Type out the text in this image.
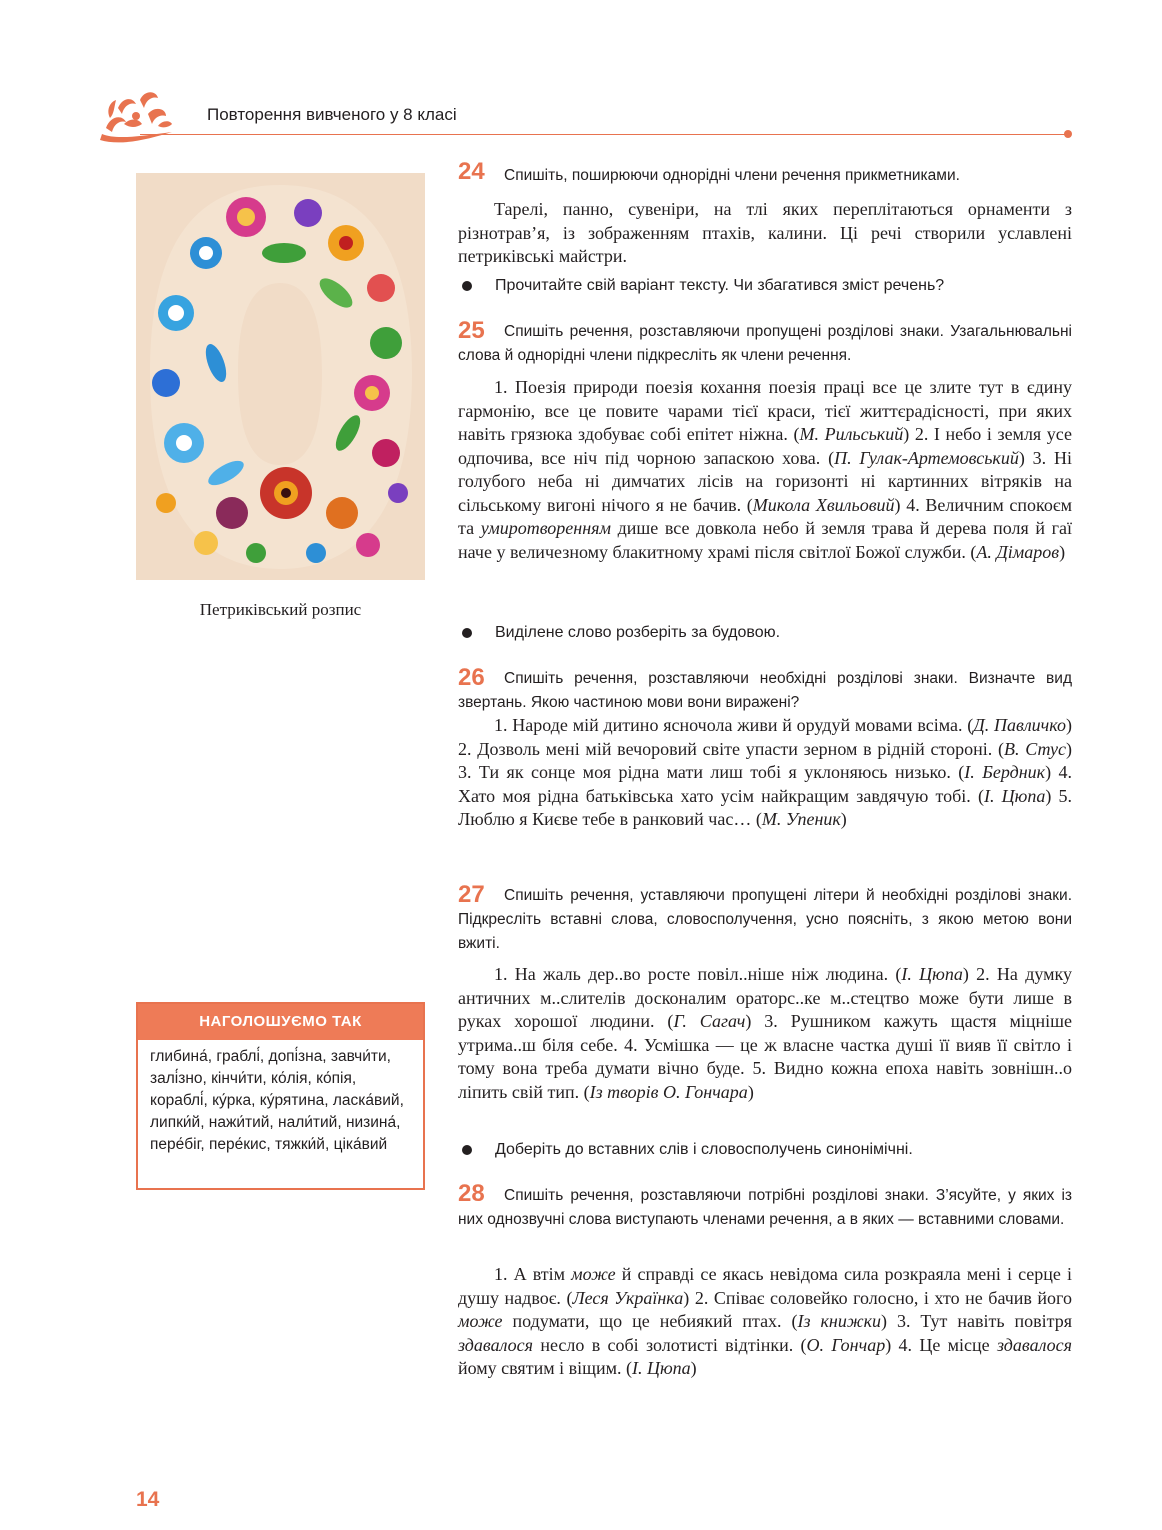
Повторення вивченого у 8 класі
Петриківський розпис
НАГОЛОШУЄМО ТАК
глибина́, граблі́, допі́зна, завчи́ти, залі́зно, кінчи́ти, ко́лія, ко́пія, кораблі́, ку́рка, ку́рятина, ласка́вий, липки́й, нажи́тий, нали́тий, низина́, пере́біг, пере́кис, тяжки́й, ціка́вий
24	Спишіть, поширюючи однорідні члени речення прикметниками.
Тарелі, панно, сувеніри, на тлі яких переплітаються орнаменти з різнотрав’я, із зображенням птахів, калини. Ці речі створили уславлені петриківські майстри.
Прочитайте свій варіант тексту. Чи збагатився зміст речень?
25	Спишіть речення, розставляючи пропущені розділові знаки. Узагальнювальні слова й однорідні члени підкресліть як члени речення.
1. Поезія природи поезія кохання поезія праці все це злите тут в єдину гармонію, все це повите чарами тієї краси, тієї життєрадісності, при яких навіть грязюка здобуває собі епітет ніжна. (М. Рильський) 2. І небо і земля усе одпочива, все ніч під чорною запаскою хова. (П. Гулак-Артемовський) 3. Ні голубого неба ні димчатих лісів на горизонті ні картинних вітряків на сільському вигоні нічого я не бачив. (Микола Хвильовий) 4. Величним спокоєм та умиротворенням дише все довкола небо й земля трава й дерева поля й гаї наче у величезному блакитному храмі після світлої Божої служби. (А. Дімаров)
Виділене слово розберіть за будовою.
26	Спишіть речення, розставляючи необхідні розділові знаки. Визначте вид звертань. Якою частиною мови вони виражені?
1. Народе мій дитино ясночола живи й орудуй мовами всіма. (Д. Павличко) 2. Дозволь мені мій вечоровий світе упасти зерном в рідній стороні. (В. Стус) 3. Ти як сонце моя рідна мати лиш тобі я уклоняюсь низько. (І. Бердник) 4. Хато моя рідна батьківська хато усім найкращим завдячую тобі. (І. Цюпа) 5. Люблю я Києве тебе в ранковий час… (М. Упеник)
27	Спишіть речення, уставляючи пропущені літери й необхідні розділові знаки. Підкресліть вставні слова, словосполучення, усно поясніть, з якою метою вони вжиті.
1. На жаль дер..во росте повіл..ніше ніж людина. (І. Цюпа) 2. На думку античних м..слителів досконалим ораторс..ке м..стецтво може бути лише в руках хорошої людини. (Г. Сагач) 3. Рушником кажуть щастя міцніше утрима..ш біля себе. 4. Усмішка — це ж власне частка душі її вияв її світло і тому вона треба думати вічно буде. 5. Видно кожна епоха навіть зовнішн..о ліпить свій тип. (Із творів О. Гончара)
Доберіть до вставних слів і словосполучень синонімічні.
28	Спишіть речення, розставляючи потрібні розділові знаки. З’ясуйте, у яких із них однозвучні слова виступають членами речення, а в яких — вставними словами.
1. А втім може й справді се якась невідома сила розкраяла мені і серце і душу надвоє. (Леся Українка) 2. Співає соловейко голосно, і хто не бачив його може подумати, що це небиякий птах. (Із книжки) 3. Тут навіть повітря здавалося несло в собі золотисті відтінки. (О. Гончар) 4. Це місце здавалося йому святим і віщим. (І. Цюпа)
14
